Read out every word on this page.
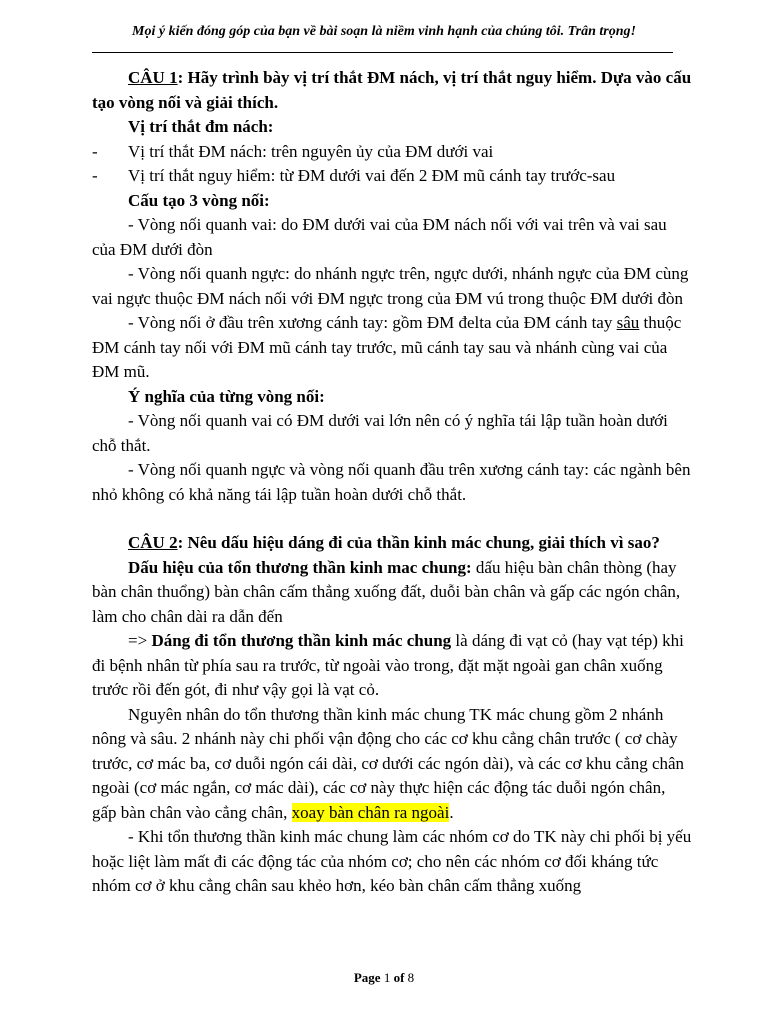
Mọi ý kiến đóng góp của bạn về bài soạn là niềm vinh hạnh của chúng tôi. Trân trọng!

CÂU 1: Hãy trình bày vị trí thắt ĐM nách, vị trí thắt nguy hiểm. Dựa vào cấu tạo vòng nối và giải thích.

Vị trí thắt đm nách:

-	Vị trí thắt ĐM nách: trên nguyên ủy của ĐM dưới vai
-	Vị trí thắt nguy hiểm: từ ĐM dưới vai đến 2 ĐM mũ cánh tay trước-sau

Cấu tạo 3 vòng nối:

- Vòng nối quanh vai: do ĐM dưới vai của ĐM nách nối với vai trên và vai sau của ĐM dưới đòn

- Vòng nối quanh ngực: do nhánh ngực trên, ngực dưới, nhánh ngực của ĐM cùng vai ngực thuộc ĐM nách nối với ĐM ngực trong của ĐM vú trong thuộc ĐM dưới đòn

- Vòng nối ở đầu trên xương cánh tay: gồm ĐM đelta của ĐM cánh tay sâu thuộc ĐM cánh tay nối với ĐM mũ cánh tay trước, mũ cánh tay sau và nhánh cùng vai của ĐM mũ.

Ý nghĩa của từng vòng nối:

- Vòng nối quanh vai có ĐM dưới vai lớn nên có ý nghĩa tái lập tuần hoàn dưới chỗ thắt.

- Vòng nối quanh ngực và vòng nối quanh đầu trên xương cánh tay: các ngành bên nhỏ không có khả năng tái lập tuần hoàn dưới chỗ thắt.

CÂU 2: Nêu dấu hiệu dáng đi của thần kinh mác chung, giải thích vì sao?

Dấu hiệu của tổn thương thần kinh mac chung: dấu hiệu bàn chân thòng (hay bàn chân thuổng) bàn chân cấm thẳng xuống đất, duỗi bàn chân và gấp các ngón chân, làm cho chân dài ra dẫn đến

=> Dáng đi tổn thương thần kinh mác chung là dáng đi vạt cỏ (hay vạt tép) khi đi bệnh nhân từ phía sau ra trước, từ ngoài vào trong, đặt mặt ngoài gan chân xuống trước rồi đến gót, đi như vậy gọi là vạt cỏ.

Nguyên nhân do tổn thương thần kinh mác chung TK mác chung gồm 2 nhánh nông và sâu. 2 nhánh này chi phối vận động cho các cơ khu cẳng chân trước ( cơ chày trước, cơ mác ba, cơ duỗi ngón cái dài, cơ dưới các ngón dài), và các cơ khu cẳng chân ngoài (cơ mác ngắn, cơ mác dài), các cơ này thực hiện các động tác duỗi ngón chân, gấp bàn chân vào cẳng chân, xoay bàn chân ra ngoài.

- Khi tổn thương thần kinh mác chung làm các nhóm cơ do TK này chi phối bị yếu hoặc liệt làm mất đi các động tác của nhóm cơ; cho nên các nhóm cơ đối kháng tức nhóm cơ ở khu cẳng chân sau khẻo hơn, kéo bàn chân cấm thẳng xuống

Page 1 of 8
